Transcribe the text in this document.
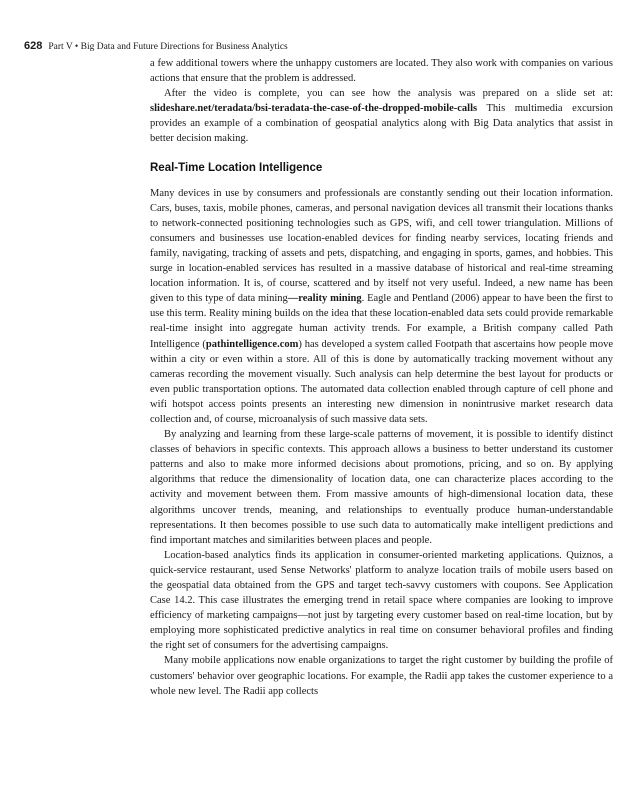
628 Part V • Big Data and Future Directions for Business Analytics

a few additional towers where the unhappy customers are located. They also work with companies on various actions that ensure that the problem is addressed.

After the video is complete, you can see how the analysis was prepared on a slide set at: slideshare.net/teradata/bsi-teradata-the-case-of-the-dropped-mobile-calls This multimedia excursion provides an example of a combination of geospatial analytics along with Big Data analytics that assist in better decision making.

Real-Time Location Intelligence

Many devices in use by consumers and professionals are constantly sending out their location information. Cars, buses, taxis, mobile phones, cameras, and personal navigation devices all transmit their locations thanks to network-connected positioning technologies such as GPS, wifi, and cell tower triangulation. Millions of consumers and businesses use location-enabled devices for finding nearby services, locating friends and family, navigating, tracking of assets and pets, dispatching, and engaging in sports, games, and hobbies. This surge in location-enabled services has resulted in a massive database of historical and real-time streaming location information. It is, of course, scattered and by itself not very useful. Indeed, a new name has been given to this type of data mining—reality mining. Eagle and Pentland (2006) appear to have been the first to use this term. Reality mining builds on the idea that these location-enabled data sets could provide remarkable real-time insight into aggregate human activity trends. For example, a British company called Path Intelligence (pathintelligence.com) has developed a system called Footpath that ascertains how people move within a city or even within a store. All of this is done by automatically tracking movement without any cameras recording the movement visually. Such analysis can help determine the best layout for products or even public transportation options. The automated data collection enabled through capture of cell phone and wifi hotspot access points presents an interesting new dimension in nonintrusive market research data collection and, of course, microanalysis of such massive data sets.

By analyzing and learning from these large-scale patterns of movement, it is possible to identify distinct classes of behaviors in specific contexts. This approach allows a business to better understand its customer patterns and also to make more informed decisions about promotions, pricing, and so on. By applying algorithms that reduce the dimensionality of location data, one can characterize places according to the activity and movement between them. From massive amounts of high-dimensional location data, these algorithms uncover trends, meaning, and relationships to eventually produce human-understandable representations. It then becomes possible to use such data to automatically make intelligent predictions and find important matches and similarities between places and people.

Location-based analytics finds its application in consumer-oriented marketing applications. Quiznos, a quick-service restaurant, used Sense Networks' platform to analyze location trails of mobile users based on the geospatial data obtained from the GPS and target tech-savvy customers with coupons. See Application Case 14.2. This case illustrates the emerging trend in retail space where companies are looking to improve efficiency of marketing campaigns—not just by targeting every customer based on real-time location, but by employing more sophisticated predictive analytics in real time on consumer behavioral profiles and finding the right set of consumers for the advertising campaigns.

Many mobile applications now enable organizations to target the right customer by building the profile of customers' behavior over geographic locations. For example, the Radii app takes the customer experience to a whole new level. The Radii app collects
